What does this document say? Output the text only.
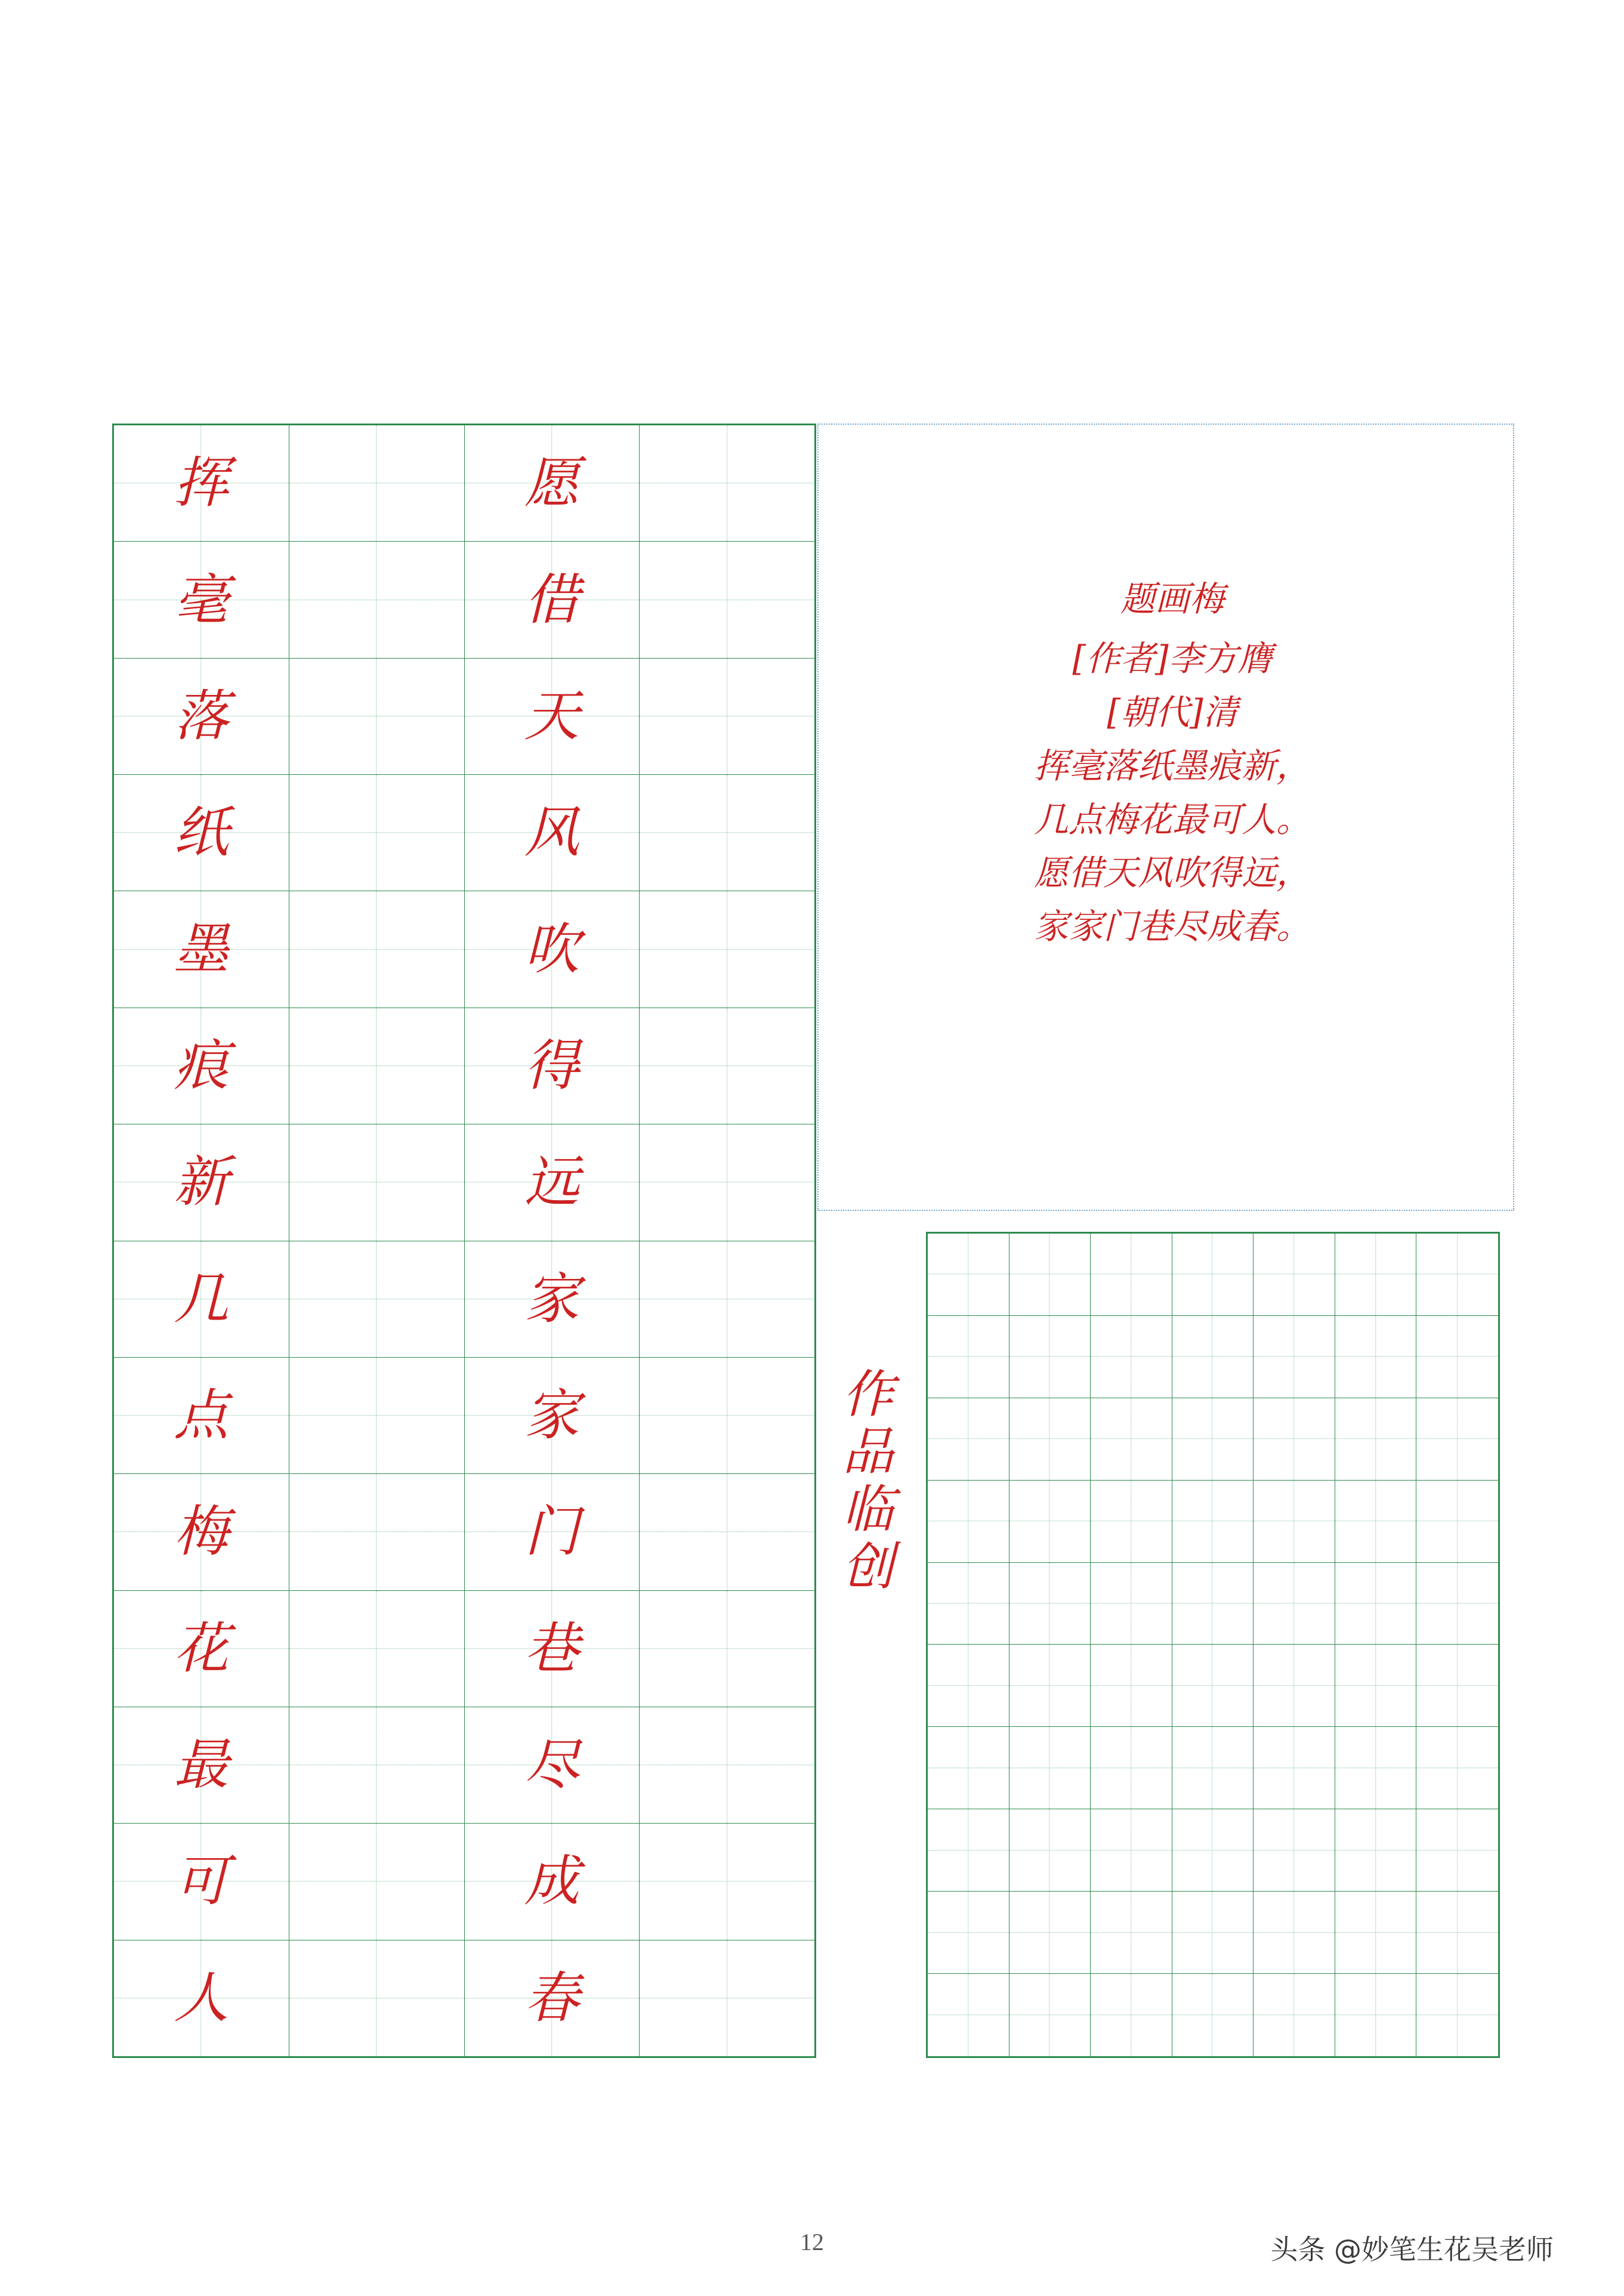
挥
毫
落
纸
墨
痕
新
几
点
梅
花
最
可
人
愿
借
天
风
吹
得
远
家
家
门
巷
尽
成
春
题画梅
[作者]李方膺
[朝代]清
挥毫落纸墨痕新，
几点梅花最可人。
愿借天风吹得远，
家家门巷尽成春。
作
品
临
创
12	头条 @妙笔生花吴老师
